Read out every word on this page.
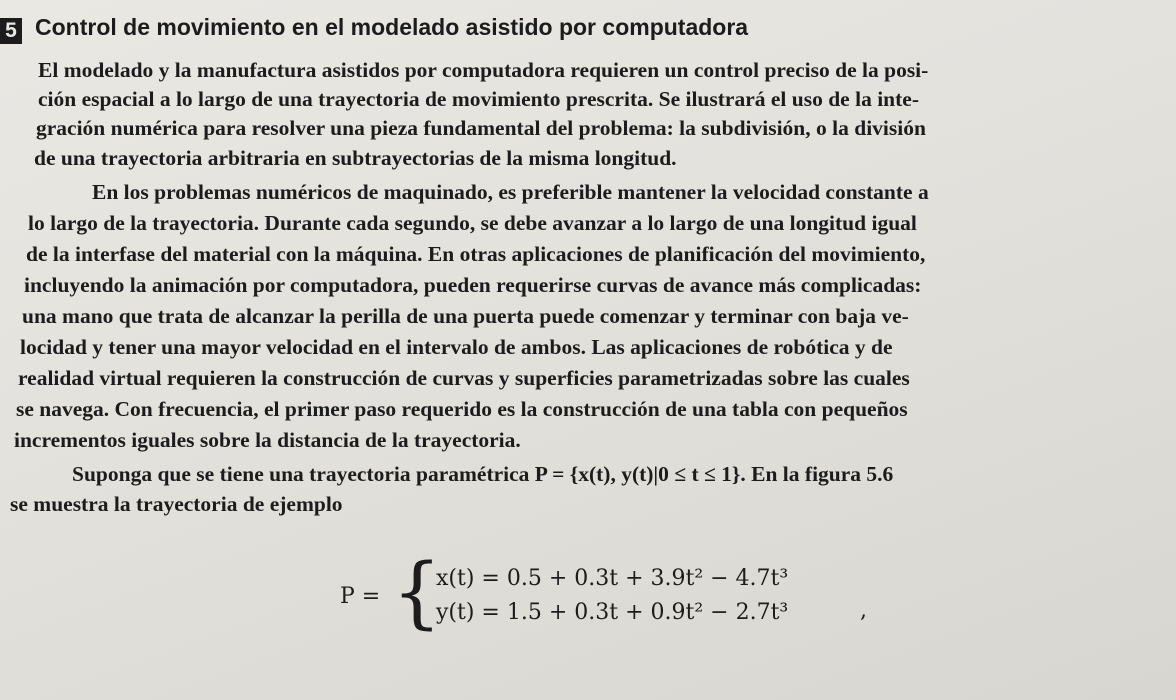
5 Control de movimiento en el modelado asistido por computadora
El modelado y la manufactura asistidos por computadora requieren un control preciso de la posi-
ción espacial a lo largo de una trayectoria de movimiento prescrita. Se ilustrará el uso de la inte-
gración numérica para resolver una pieza fundamental del problema: la subdivisión, o la división
de una trayectoria arbitraria en subtrayectorias de la misma longitud.
En los problemas numéricos de maquinado, es preferible mantener la velocidad constante a
lo largo de la trayectoria. Durante cada segundo, se debe avanzar a lo largo de una longitud igual
de la interfase del material con la máquina. En otras aplicaciones de planificación del movimiento,
incluyendo la animación por computadora, pueden requerirse curvas de avance más complicadas:
una mano que trata de alcanzar la perilla de una puerta puede comenzar y terminar con baja ve-
locidad y tener una mayor velocidad en el intervalo de ambos. Las aplicaciones de robótica y de
realidad virtual requieren la construcción de curvas y superficies parametrizadas sobre las cuales
se navega. Con frecuencia, el primer paso requerido es la construcción de una tabla con pequeños
incrementos iguales sobre la distancia de la trayectoria.
Suponga que se tiene una trayectoria paramétrica P = {x(t), y(t)|0 ≤ t ≤ 1}. En la figura 5.6
se muestra la trayectoria de ejemplo
P = {
x(t) = 0.5 + 0.3t + 3.9t² − 4.7t³
y(t) = 1.5 + 0.3t + 0.9t² − 2.7t³	,
